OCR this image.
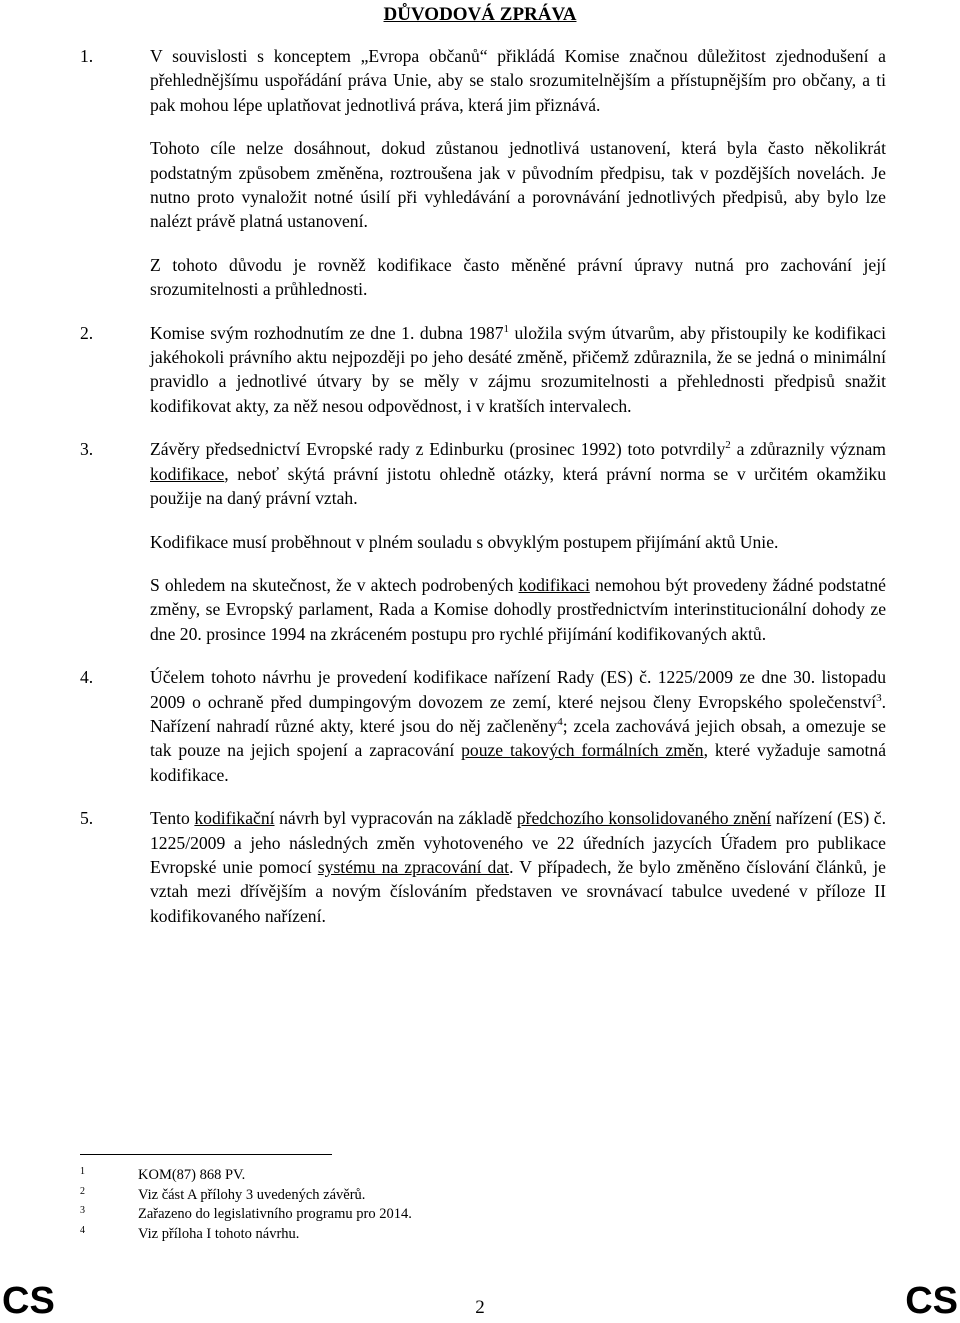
DŮVODOVÁ ZPRÁVA
1.	V souvislosti s konceptem „Evropa občanů“ přikládá Komise značnou důležitost zjednodušení a přehlednějšímu uspořádání práva Unie, aby se stalo srozumitelnějším a přístupnějším pro občany, a ti pak mohou lépe uplatňovat jednotlivá práva, která jim přiznává.
Tohoto cíle nelze dosáhnout, dokud zůstanou jednotlivá ustanovení, která byla často několikrát podstatným způsobem změněna, roztroušena jak v původním předpisu, tak v pozdějších novelách. Je nutno proto vynaložit notné úsilí při vyhledávání a porovnávání jednotlivých předpisů, aby bylo lze nalézt právě platná ustanovení.
Z tohoto důvodu je rovněž kodifikace často měněné právní úpravy nutná pro zachování její srozumitelnosti a průhlednosti.
2.	Komise svým rozhodnutím ze dne 1. dubna 1987$^1$ uložila svým útvarům, aby přistoupily ke kodifikaci jakéhokoli právního aktu nejpozději po jeho desáté změně, přičemž zdůraznila, že se jedná o minimální pravidlo a jednotlivé útvary by se měly v zájmu srozumitelnosti a přehlednosti předpisů snažit kodifikovat akty, za něž nesou odpovědnost, i v kratších intervalech.
3.	Závěry předsednictví Evropské rady z Edinburku (prosinec 1992) toto potvrdily$^2$ a zdůraznily význam kodifikace, neboť skýtá právní jistotu ohledně otázky, která právní norma se v určitém okamžiku použije na daný právní vztah.
Kodifikace musí proběhnout v plném souladu s obvyklým postupem přijímání aktů Unie.
S ohledem na skutečnost, že v aktech podrobených kodifikaci nemohou být provedeny žádné podstatné změny, se Evropský parlament, Rada a Komise dohodly prostřednictvím interinstitucionální dohody ze dne 20. prosince 1994 na zkráceném postupu pro rychlé přijímání kodifikovaných aktů.
4.	Účelem tohoto návrhu je provedení kodifikace nařízení Rady (ES) č. 1225/2009 ze dne 30. listopadu 2009 o ochraně před dumpingovým dovozem ze zemí, které nejsou členy Evropského společenství$^3$. Nařízení nahradí různé akty, které jsou do něj začleněny$^4$; zcela zachovává jejich obsah, a omezuje se tak pouze na jejich spojení a zapracování pouze takových formálních změn, které vyžaduje samotná kodifikace.
5.	Tento kodifikační návrh byl vypracován na základě předchozího konsolidovaného znění nařízení (ES) č. 1225/2009 a jeho následných změn vyhotoveného ve 22 úředních jazycích Úřadem pro publikace Evropské unie pomocí systému na zpracování dat. V případech, že bylo změněno číslování článků, je vztah mezi dřívějším a novým číslováním představen ve srovnávací tabulce uvedené v příloze II kodifikovaného nařízení.
1	KOM(87) 868 PV.
2	Viz část A přílohy 3 uvedených závěrů.
3	Zařazeno do legislativního programu pro 2014.
4	Viz příloha I tohoto návrhu.
CS	2	CS
